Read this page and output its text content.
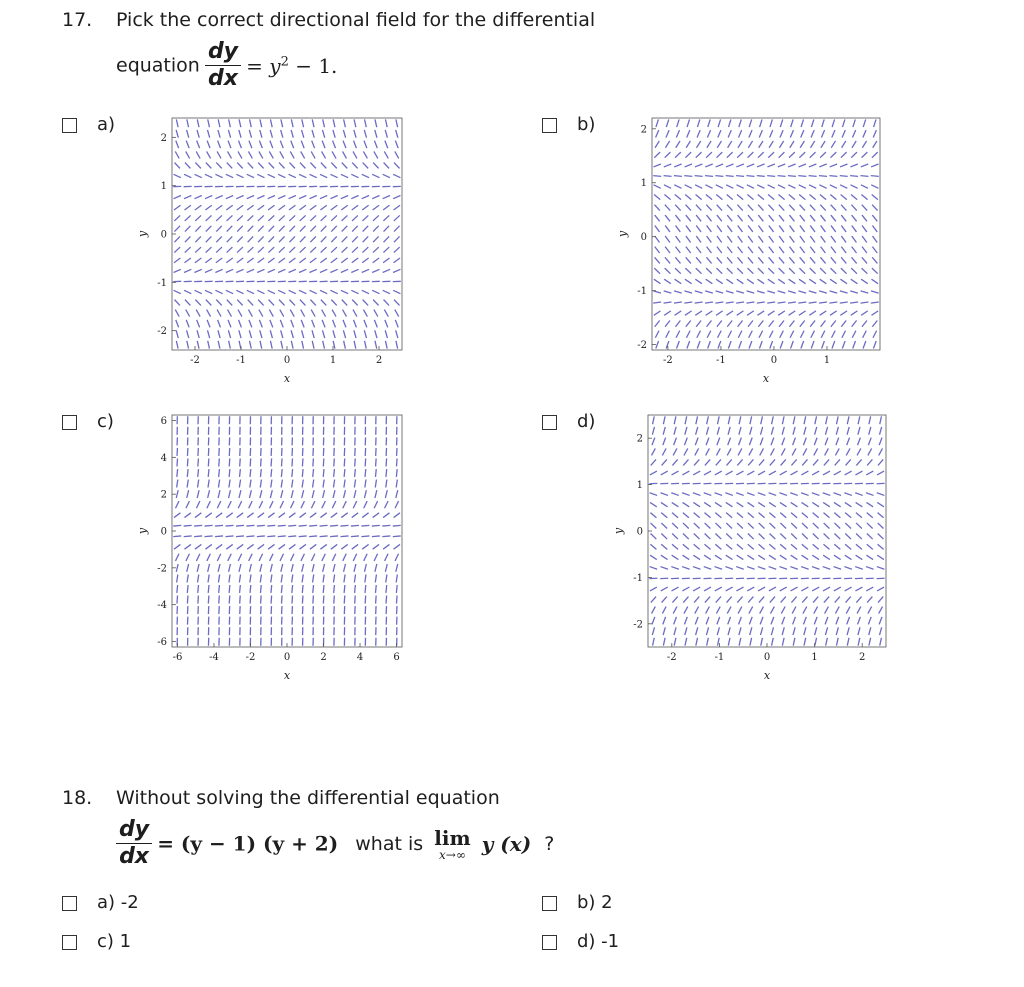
17. Pick the correct directional field for the differential
equation $\frac{dy}{dx} = y^2 - 1$.
a)	b)
c)	d)
-2	-1	0	1	2
-2
-1
0
1
2
x
y
-2	-1	0	1
-2
-1
0
1
2
x
y
-6	-4	-2	0	2	4	6
-6
-4
-2
0
2
4
6
x
y
-2	-1	0	1	2
-2
-1
0
1
2
x
y
18. Without solving the differential equation
$\frac{dy}{dx} = (y - 1) (y + 2)$ what is lim
x→∞ y (x) ?
a) -2	b) 2
c) 1	d) -1
